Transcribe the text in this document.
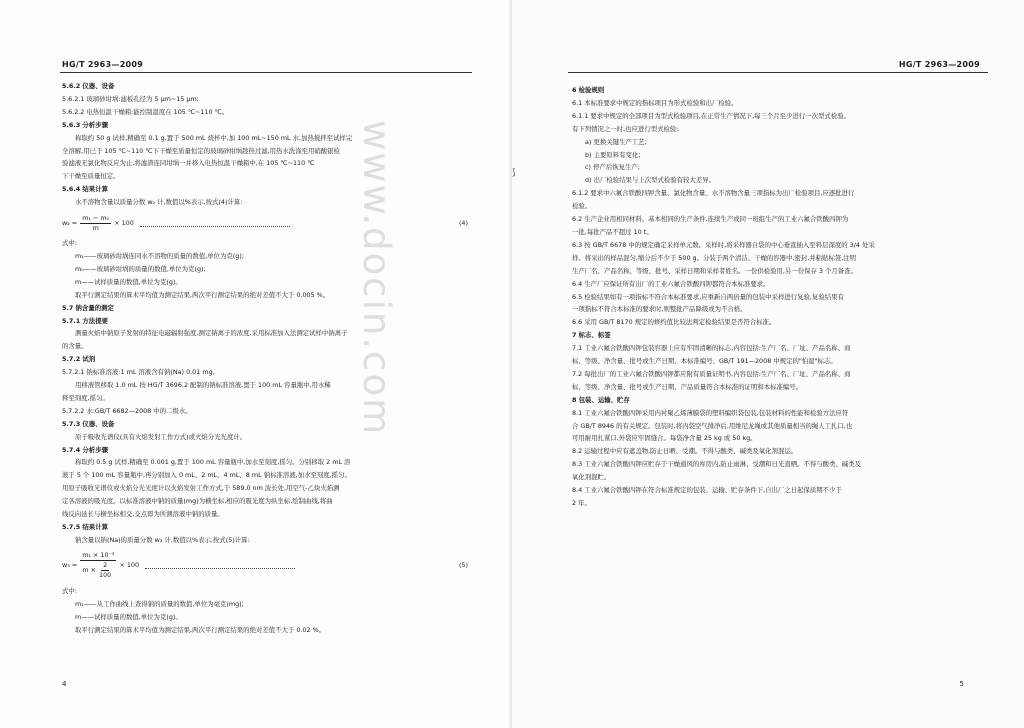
HG/T 2963—2009

5.6.2 仪器、设备

5.6.2.1 玻璃砂坩埚:滤板孔径为 5 μm~15 μm;

5.6.2.2 电热恒温干燥箱:能控制温度在 105 ℃~110 ℃。

5.6.3 分析步骤

称取约 50 g 试样,精确至 0.1 g,置于 500 mL 烧杯中,加 100 mL~150 mL 水,加热搅拌至试样完

全溶解,用已于 105 ℃~110 ℃下干燥至质量恒定的玻璃砂坩埚趁热过滤,用热水洗涤至用硝酸银检

验滤液无氯化物反应为止,将滤渣连同坩埚一并移入电热恒温干燥箱中,在 105 ℃~110 ℃

下干燥至质量恒定。

5.6.4 结果计算

水不溶物含量以质量分数 w₂ 计,数值以%表示,按式(4)计算:

$w_2 = \frac{\text{m₁ − m₀}}{m} \times 100$	(4)

式中:

m₁——玻璃砂坩埚连同水不溶物的质量的数值,单位为克(g);

m₀——玻璃砂坩埚的质量的数值,单位为克(g);

m——试样质量的数值,单位为克(g)。

取平行测定结果的算术平均值为测定结果,两次平行测定结果的绝对差值不大于 0.005 %。

5.7 钠含量的测定

5.7.1 方法提要

测量火焰中钠原子发射的特征电磁辐射强度,测定钠离子的浓度,采用标准加入法测定试样中钠离子

的含量。

5.7.2 试剂

5.7.2.1 钠标准溶液:1 mL 溶液含有钠(Na) 0.01 mg。

用移液管移取 1.0 mL 按 HG/T 3696.2 配制的钠标准溶液,置于 100 mL 容量瓶中,用水稀

释至刻度,摇匀。

5.7.2.2 水:GB/T 6682—2008 中的二级水。

5.7.3 仪器、设备

原子吸收光谱仪(具有火焰发射工作方式)或火焰分光光度计。

5.7.4 分析步骤

称取约 0.5 g 试样,精确至 0.001 g,置于 100 mL 容量瓶中,加水至刻度,摇匀。分别移取 2 mL 溶

液于 5 个 100 mL 容量瓶中,再分别加入 0 mL、2 mL、4 mL、8 mL 钠标准溶液,加水至刻度,摇匀。

用原子吸收光谱仪或火焰分光光度计以火焰发射工作方式,于 589.0 nm 波长处,用空气-乙炔火焰测

定各溶液的吸光度。以标准溶液中钠的质量(mg)为横坐标,相应的吸光度为纵坐标,绘制曲线,将曲

线反向延长与横坐标相交,交点即为所测溶液中钠的质量。

5.7.5 结果计算

钠含量以钠(Na)的质量分数 w₃ 计,数值以%表示,按式(5)计算:

$w_3 = \frac{\text{m₁ × 10⁻³}}{m \times \frac{2}{100}} \times 100$	(5)

式中:

m₁——从工作曲线上查得钠的质量的数值,单位为毫克(mg);

m——试样质量的数值,单位为克(g)。

取平行测定结果的算术平均值为测定结果,两次平行测定结果的绝对差值不大于 0.02 %。

4
HG/T 2963—2009

6 检验规则

6.1 本标准要求中规定的指标项目为形式检验和出厂检验。

6.1.1 要求中规定的全部项目为型式检验项目,在正常生产情况下,每三个月至少进行一次型式检验。

有下列情况之一时,也应进行型式检验:

a) 更换关键生产工艺;

b) 主要原料有变化;

c) 停产后恢复生产;

d) 出厂检验结果与上次型式检验有较大差异。

6.1.2 要求中六氟合铁酸四钾含量、氯化物含量、水不溶物含量三项指标为出厂检验项目,应逐批进行

检验。

6.2 生产企业用相同材料、基本相同的生产条件,连续生产或同一班组生产的工业六氟合铁酸四钾为

一批,每批产品不超过 10 t。

6.3 按 GB/T 6678 中的规定确定采样单元数。采样时,将采样器自袋的中心垂直插入至料层深度的 3/4 处采

样。将采出的样品混匀,缩分后不少于 500 g。分装于两个清洁、干燥的容器中,密封,并粘贴标签,注明

生产厂名、产品名称、等级、批号、采样日期和采样者姓名。一份供检验用,另一份保存 3 个月备查。

6.4 生产厂应保证所有出厂的工业六氟合铁酸四钾都符合本标准要求。

6.5 检验结果如有一项指标不符合本标准要求,应重新自两倍量的包装中采样进行复验,复验结果有

一项指标不符合本标准的要求时,则整批产品降级或为不合格。

6.6 采用 GB/T 8170 规定的修约值比较法判定检验结果是否符合标准。

7 标志、标签

7.1 工业六氟合铁酸四钾包装容器上应有牢固清晰的标志,内容包括:生产厂名、厂址、产品名称、商

标、等级、净含量、批号或生产日期、本标准编号、GB/T 191—2008 中规定的"怕湿"标志。

7.2 每批出厂的工业六氟合铁酸四钾都应附有质量证明书,内容包括:生产厂名、厂址、产品名称、商

标、等级、净含量、批号或生产日期、产品质量符合本标准的证明和本标准编号。

8 包装、运输、贮存

8.1 工业六氟合铁酸四钾采用内衬聚乙烯薄膜袋的塑料编织袋包装,包装材料的性能和检验方法应符

合 GB/T 8946 的有关规定。包装时,将内袋空气排净后,用维尼龙绳或其他质量相当的绳人工扎口,也

可用耐用扎紧口,外袋应牢固缝合。每袋净含量 25 kg 或 50 kg。

8.2 运输过程中应有遮盖物,防止日晒、受潮。不得与酸类、碱类及氧化剂混运。

8.3 工业六氟合铁酸四钾应贮存于干燥通风的库房内,防止雨淋、受潮和日光直晒。不得与酸类、碱类及

氧化剂混贮。

8.4 工业六氟合铁酸四钾在符合标准规定的包装、运输、贮存条件下,自出厂之日起保质期不少于

2 年。

⟆
5
www.docin.com
